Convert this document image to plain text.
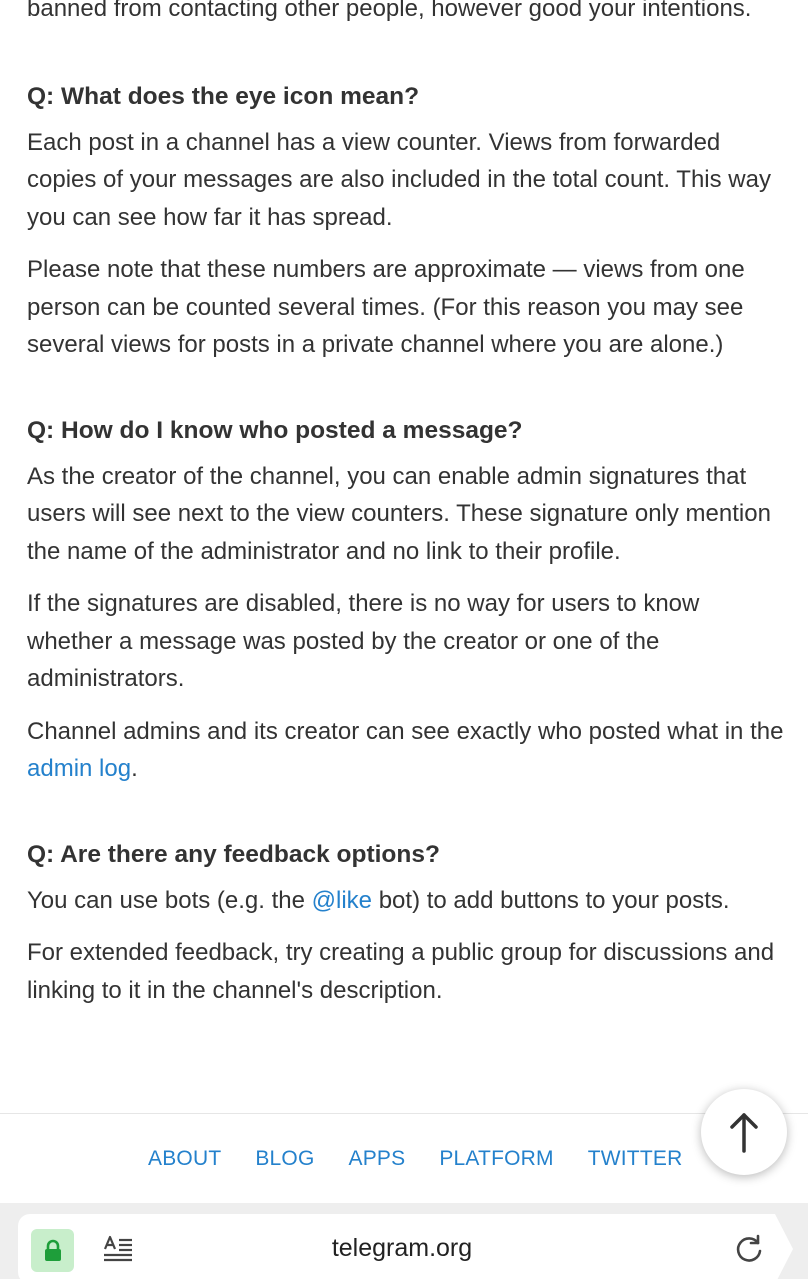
banned from contacting other people, however good your intentions.

Q: What does the eye icon mean?

Each post in a channel has a view counter. Views from forwarded copies of your messages are also included in the total count. This way you can see how far it has spread.

Please note that these numbers are approximate — views from one person can be counted several times. (For this reason you may see several views for posts in a private channel where you are alone.)

Q: How do I know who posted a message?

As the creator of the channel, you can enable admin signatures that users will see next to the view counters. These signature only mention the name of the administrator and no link to their profile.

If the signatures are disabled, there is no way for users to know whether a message was posted by the creator or one of the administrators.

Channel admins and its creator can see exactly who posted what in the admin log.

Q: Are there any feedback options?

You can use bots (e.g. the @like bot) to add buttons to your posts.

For extended feedback, try creating a public group for discussions and linking to it in the channel's description.

ABOUT	BLOG	APPS	PLATFORM	TWITTER
telegram.org
